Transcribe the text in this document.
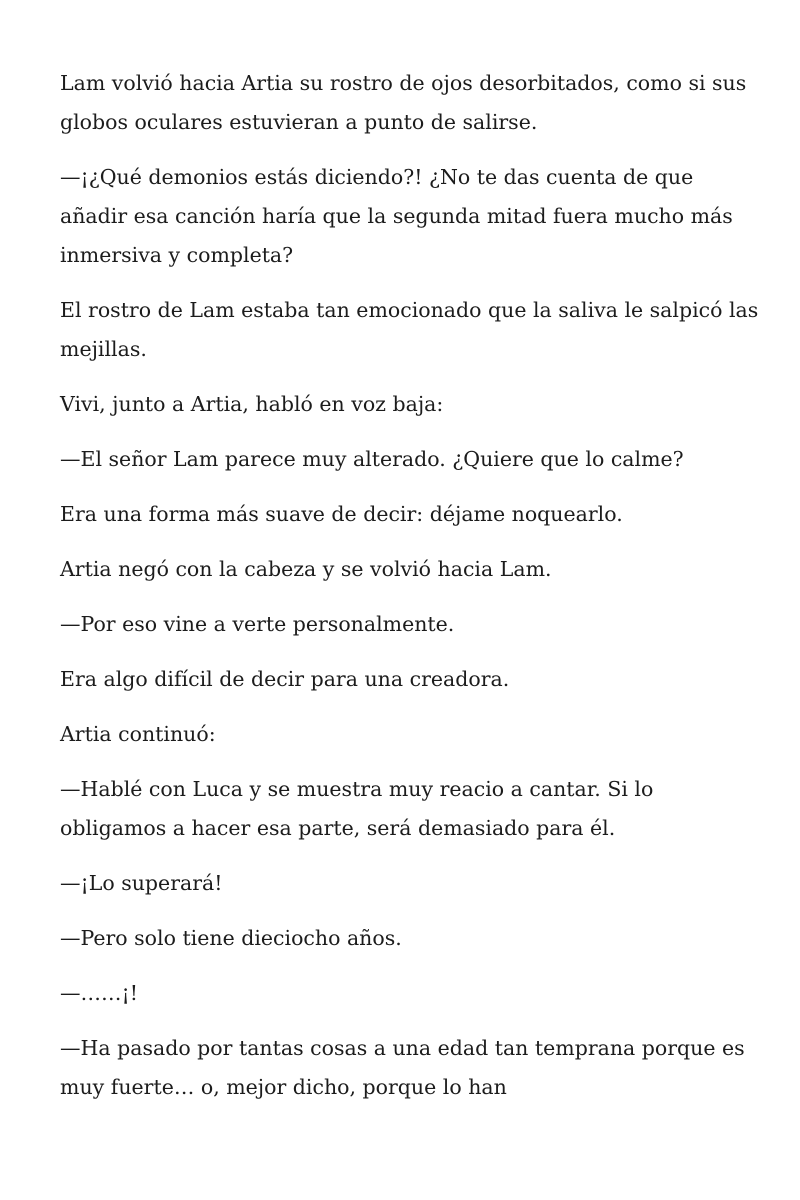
Lam volvió hacia Artia su rostro de ojos desorbitados, como si sus globos oculares estuvieran a punto de salirse.

—¡¿Qué demonios estás diciendo?! ¿No te das cuenta de que añadir esa canción haría que la segunda mitad fuera mucho más inmersiva y completa?

El rostro de Lam estaba tan emocionado que la saliva le salpicó las mejillas.

Vivi, junto a Artia, habló en voz baja:

—El señor Lam parece muy alterado. ¿Quiere que lo calme?

Era una forma más suave de decir: déjame noquearlo.

Artia negó con la cabeza y se volvió hacia Lam.

—Por eso vine a verte personalmente.

Era algo difícil de decir para una creadora.

Artia continuó:

—Hablé con Luca y se muestra muy reacio a cantar. Si lo obligamos a hacer esa parte, será demasiado para él.

—¡Lo superará!

—Pero solo tiene dieciocho años.

—……¡!

—Ha pasado por tantas cosas a una edad tan temprana porque es muy fuerte… o, mejor dicho, porque lo han
